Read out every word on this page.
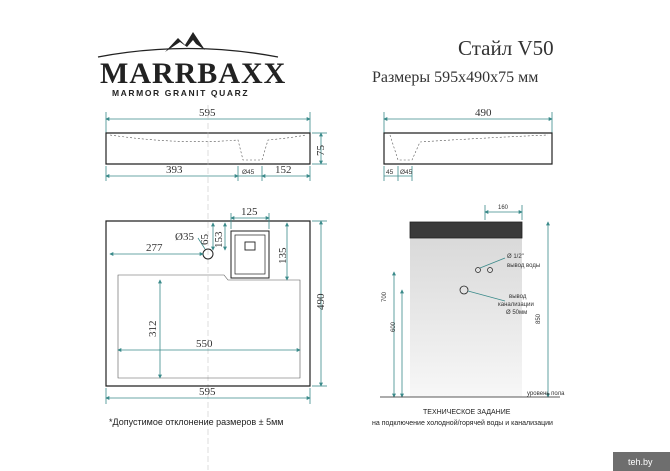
MARRBAXX
MARMOR GRANIT QUARZ
Стайл V50
Размеры 595х490х75 мм
595
75
393	Ø45 152
490
45 Ø45
125
Ø35 65 153
277	135
490
312
550
595
160
Ø 1/2"
вывод воды
вывод
канализации
Ø 50мм
700
600
850
уровень пола
ТЕХНИЧЕСКОЕ ЗАДАНИЕ
на подключение холодной/горячей воды и канализации
*Допустимое отклонение размеров ± 5мм
teh.by
